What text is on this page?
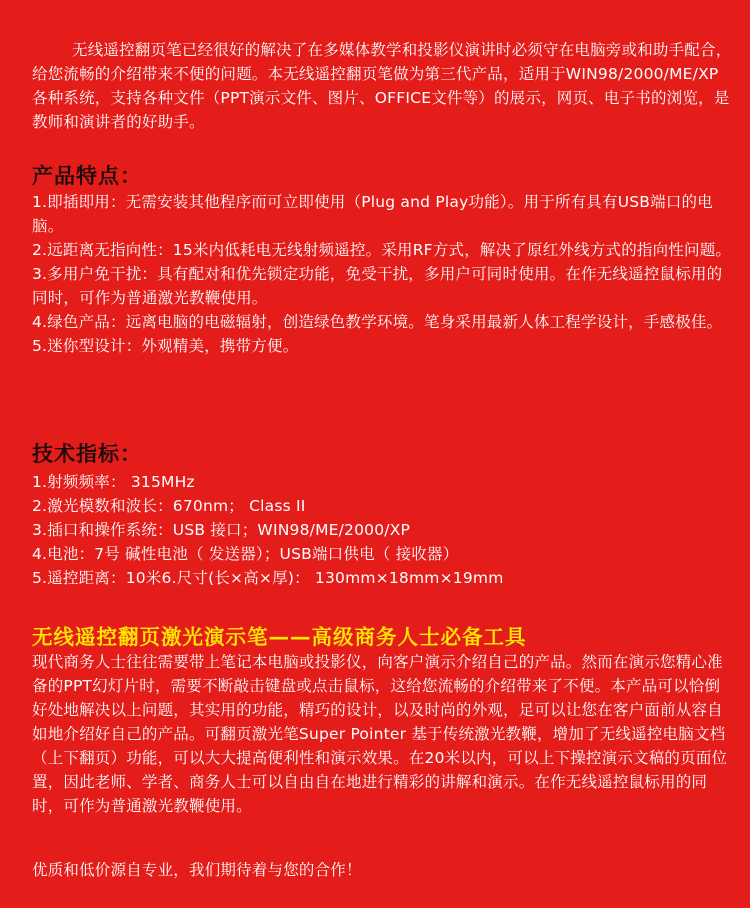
无线遥控翻页笔已经很好的解决了在多媒体教学和投影仪演讲时必须守在电脑旁或和助手配合，给您流畅的介绍带来不便的问题。本无线遥控翻页笔做为第三代产品，适用于WIN98/2000/ME/XP各种系统，支持各种文件（PPT演示文件、图片、OFFICE文件等）的展示，网页、电子书的浏览，是教师和演讲者的好助手。

产品特点：
1.即插即用：无需安装其他程序而可立即使用（Plug and Play功能）。用于所有具有USB端口的电脑。
2.远距离无指向性：15米内低耗电无线射频遥控。采用RF方式，解决了原红外线方式的指向性问题。
3.多用户免干扰：具有配对和优先锁定功能，免受干扰，多用户可同时使用。在作无线遥控鼠标用的同时，可作为普通激光教鞭使用。
4.绿色产品：远离电脑的电磁辐射，创造绿色教学环境。笔身采用最新人体工程学设计，手感极佳。
5.迷你型设计：外观精美，携带方便。
技术指标：
1.射频频率： 315MHz
2.激光模数和波长：670nm； Class II
3.插口和操作系统：USB 接口；WIN98/ME/2000/XP
4.电池：7号 碱性电池（ 发送器）；USB端口供电（ 接收器）
5.遥控距离：10米6.尺寸(长×高×厚)： 130mm×18mm×19mm
无线遥控翻页激光演示笔——高级商务人士必备工具

现代商务人士往往需要带上笔记本电脑或投影仪，向客户演示介绍自己的产品。然而在演示您精心准备的PPT幻灯片时，需要不断敲击键盘或点击鼠标，这给您流畅的介绍带来了不便。本产品可以恰倒好处地解决以上问题，其实用的功能，精巧的设计，以及时尚的外观，足可以让您在客户面前从容自如地介绍好自己的产品。可翻页激光笔Super Pointer 基于传统激光教鞭，增加了无线遥控电脑文档（上下翻页）功能，可以大大提高便利性和演示效果。在20米以内，可以上下操控演示文稿的页面位置，因此老师、学者、商务人士可以自由自在地进行精彩的讲解和演示。在作无线遥控鼠标用的同时，可作为普通激光教鞭使用。

优质和低价源自专业，我们期待着与您的合作！
